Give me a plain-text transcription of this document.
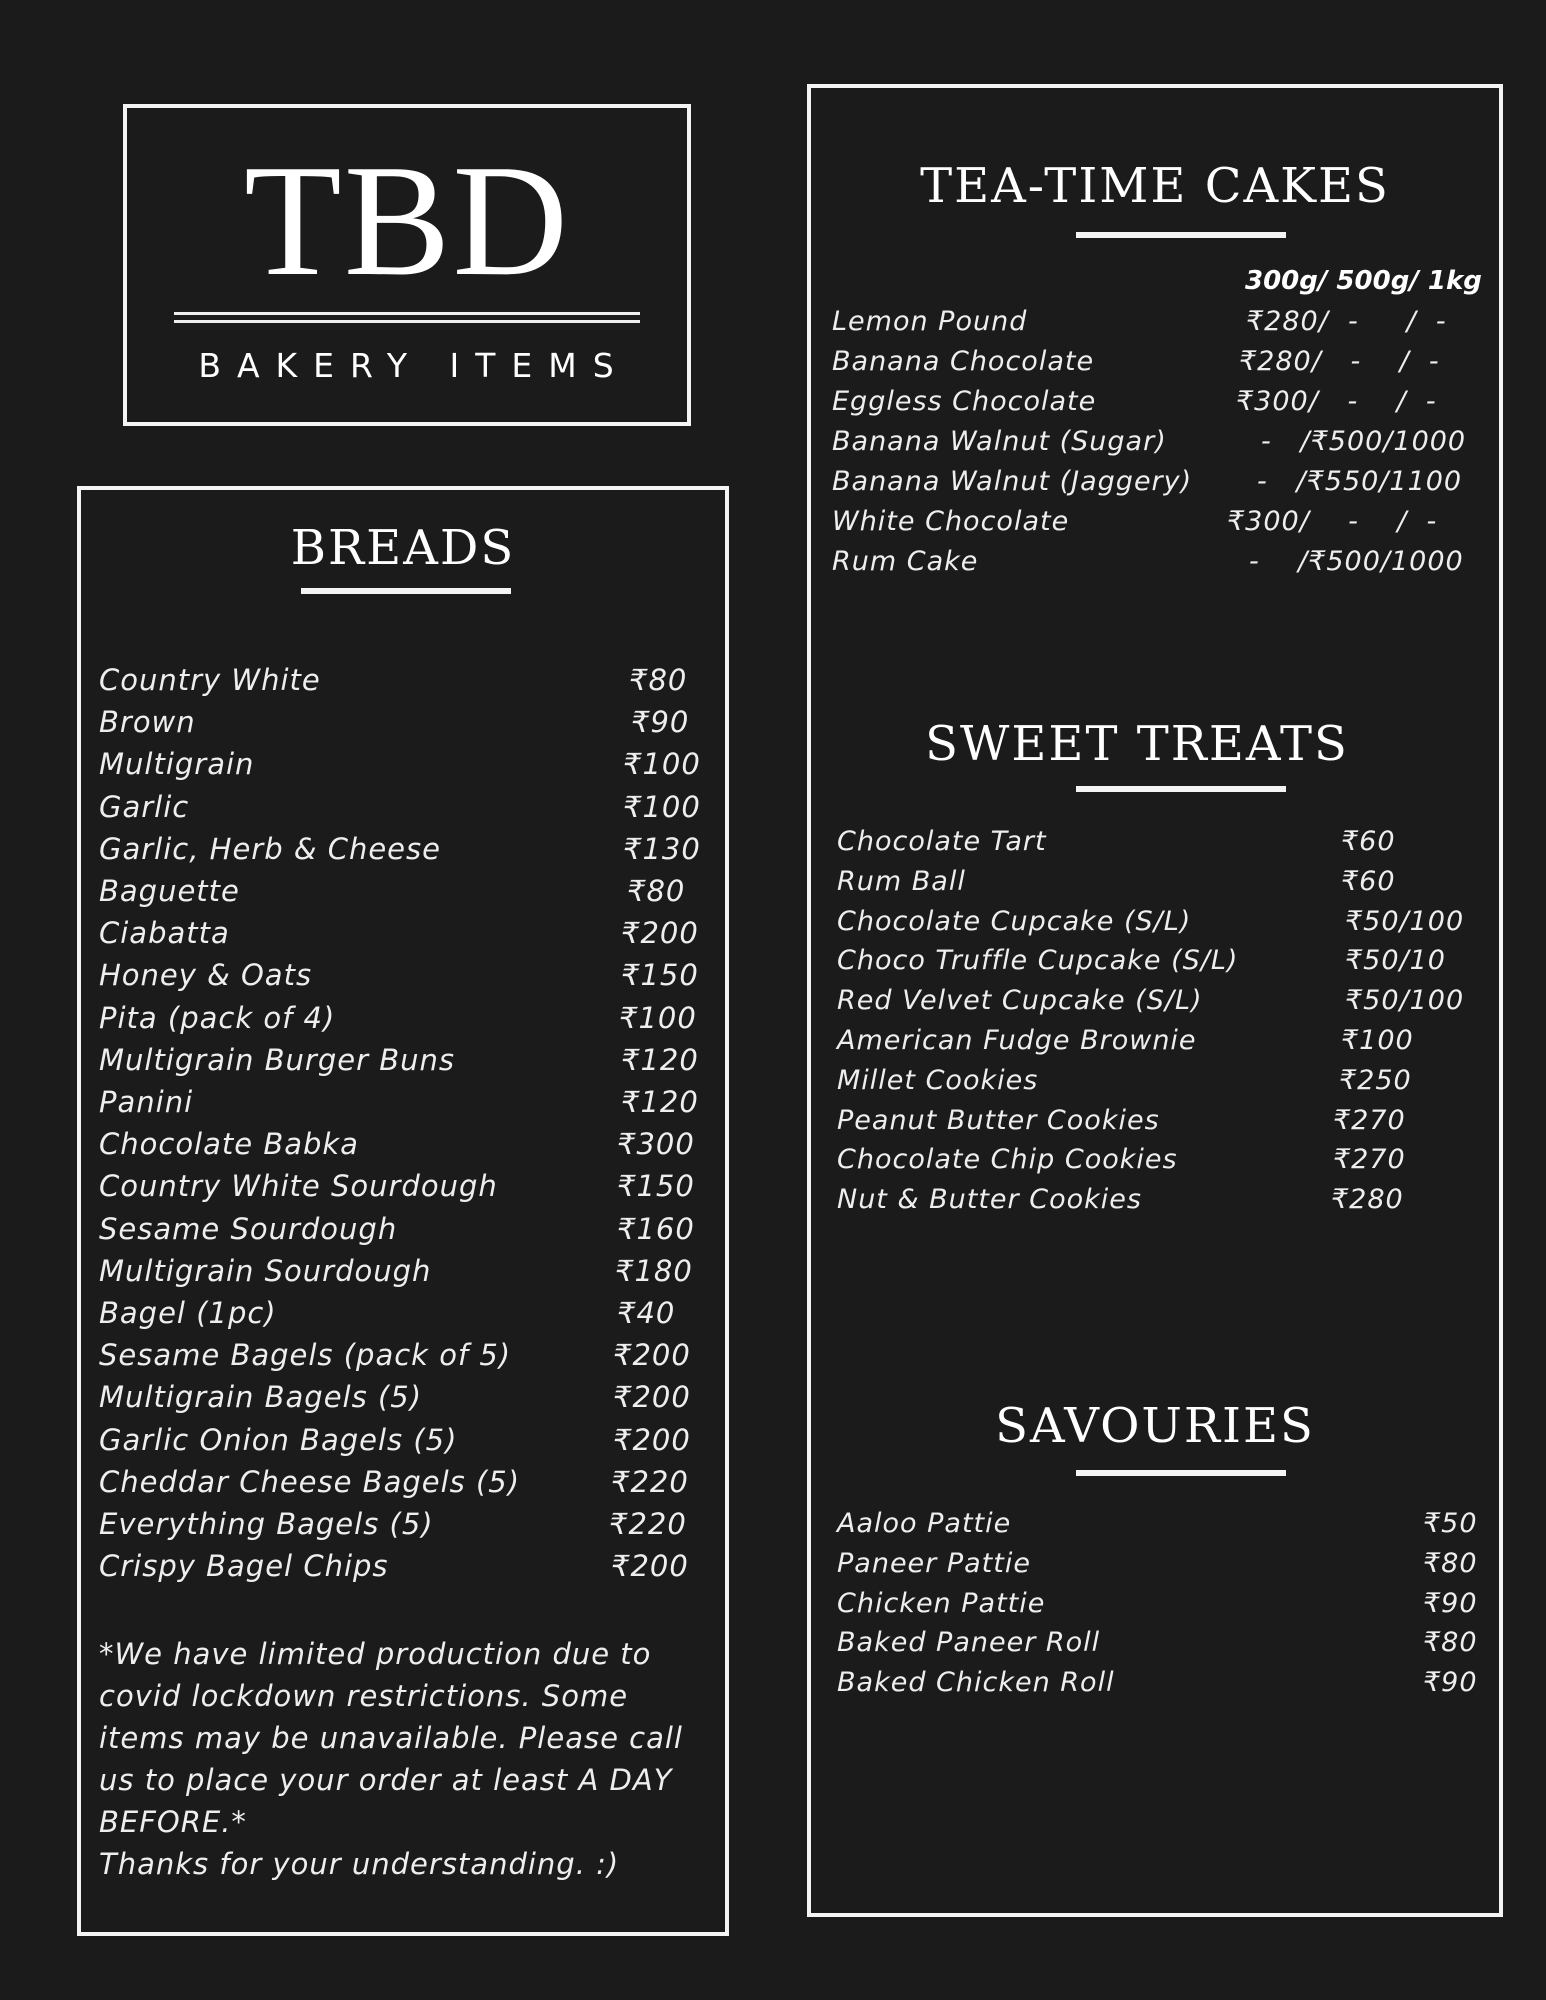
TBD
BAKERY ITEMS
BREADS
Country White	₹80
Brown	₹90
Multigrain	₹100
Garlic	₹100
Garlic, Herb & Cheese	₹130
Baguette	₹80
Ciabatta	₹200
Honey & Oats	₹150
Pita (pack of 4)	₹100
Multigrain Burger Buns	₹120
Panini	₹120
Chocolate Babka	₹300
Country White Sourdough	₹150
Sesame Sourdough	₹160
Multigrain Sourdough	₹180
Bagel (1pc)	₹40
Sesame Bagels (pack of 5)	₹200
Multigrain Bagels (5)	₹200
Garlic Onion Bagels (5)	₹200
Cheddar Cheese Bagels (5)	₹220
Everything Bagels (5)	₹220
Crispy Bagel Chips	₹200
*We have limited production due to covid lockdown restrictions. Some items may be unavailable. Please call us to place your order at least A DAY BEFORE.*
Thanks for your understanding. :)
TEA-TIME CAKES
300g/ 500g/ 1kg
Lemon Pound	₹280/  -     /  -
Banana Chocolate	₹280/   -    /  -
Eggless Chocolate	₹300/   -    /  -
Banana Walnut (Sugar)	-   /₹500/1000
Banana Walnut (Jaggery) -   /₹550/1100
White Chocolate	₹300/    -    /  -
Rum Cake	-    /₹500/1000
SWEET TREATS
Chocolate Tart	₹60
Rum Ball	₹60
Chocolate Cupcake (S/L)	₹50/100
Choco Truffle Cupcake (S/L)	₹50/10
Red Velvet Cupcake (S/L)	₹50/100
American Fudge Brownie	₹100
Millet Cookies	₹250
Peanut Butter Cookies	₹270
Chocolate Chip Cookies	₹270
Nut & Butter Cookies	₹280
SAVOURIES
Aaloo Pattie	₹50
Paneer Pattie	₹80
Chicken Pattie	₹90
Baked Paneer Roll	₹80
Baked Chicken Roll	₹90
